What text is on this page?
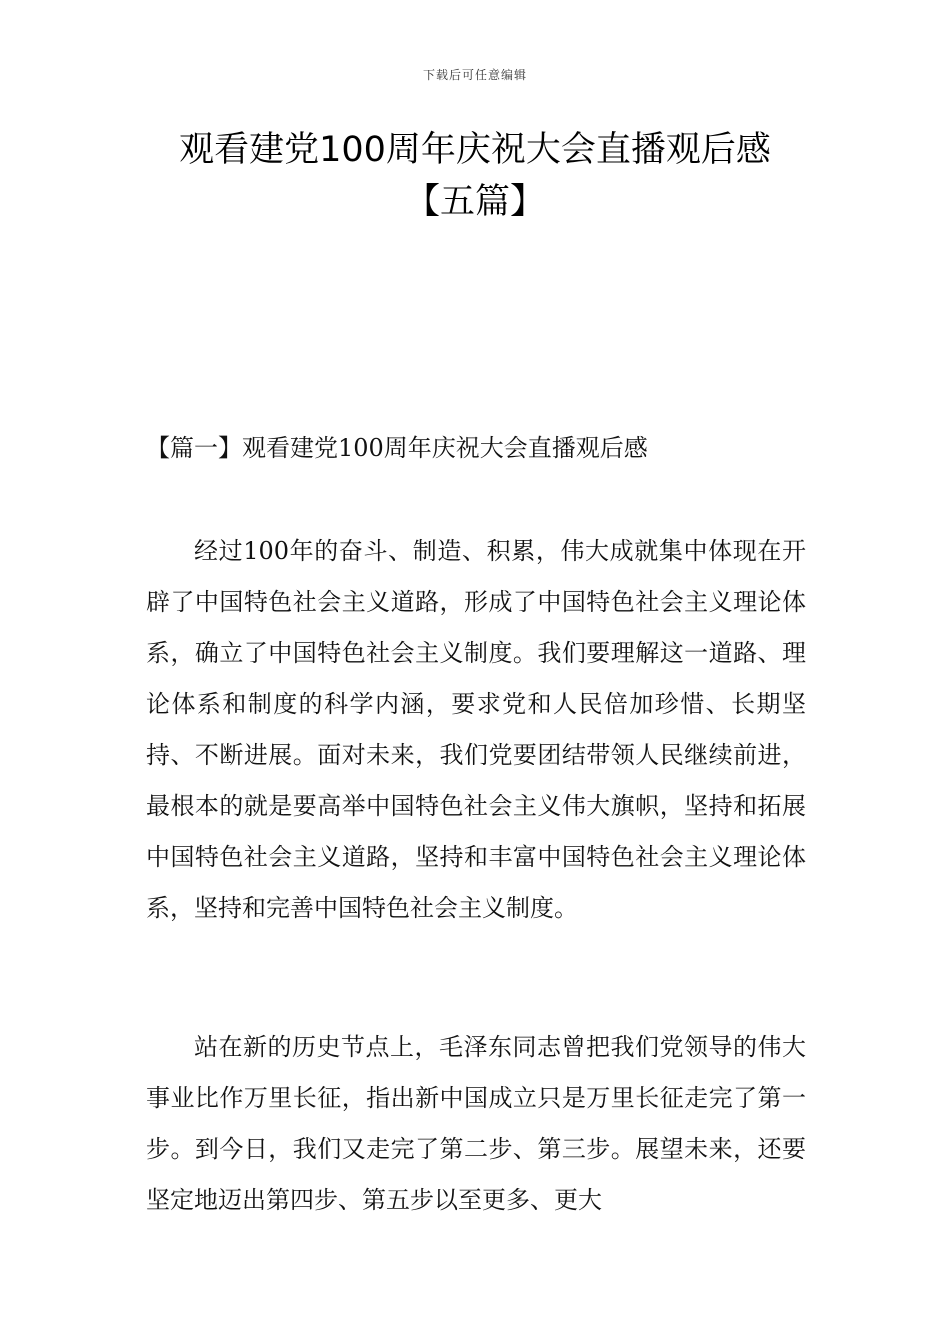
下载后可任意编辑
观看建党100周年庆祝大会直播观后感
【五篇】
【篇一】观看建党100周年庆祝大会直播观后感

经过100年的奋斗、制造、积累，伟大成就集中体现在开辟了中国特色社会主义道路，形成了中国特色社会主义理论体系，确立了中国特色社会主义制度。我们要理解这一道路、理论体系和制度的科学内涵，要求党和人民倍加珍惜、长期坚持、不断进展。面对未来，我们党要团结带领人民继续前进，最根本的就是要高举中国特色社会主义伟大旗帜，坚持和拓展中国特色社会主义道路，坚持和丰富中国特色社会主义理论体系，坚持和完善中国特色社会主义制度。

站在新的历史节点上，毛泽东同志曾把我们党领导的伟大事业比作万里长征，指出新中国成立只是万里长征走完了第一步。到今日，我们又走完了第二步、第三步。展望未来，还要坚定地迈出第四步、第五步以至更多、更大
